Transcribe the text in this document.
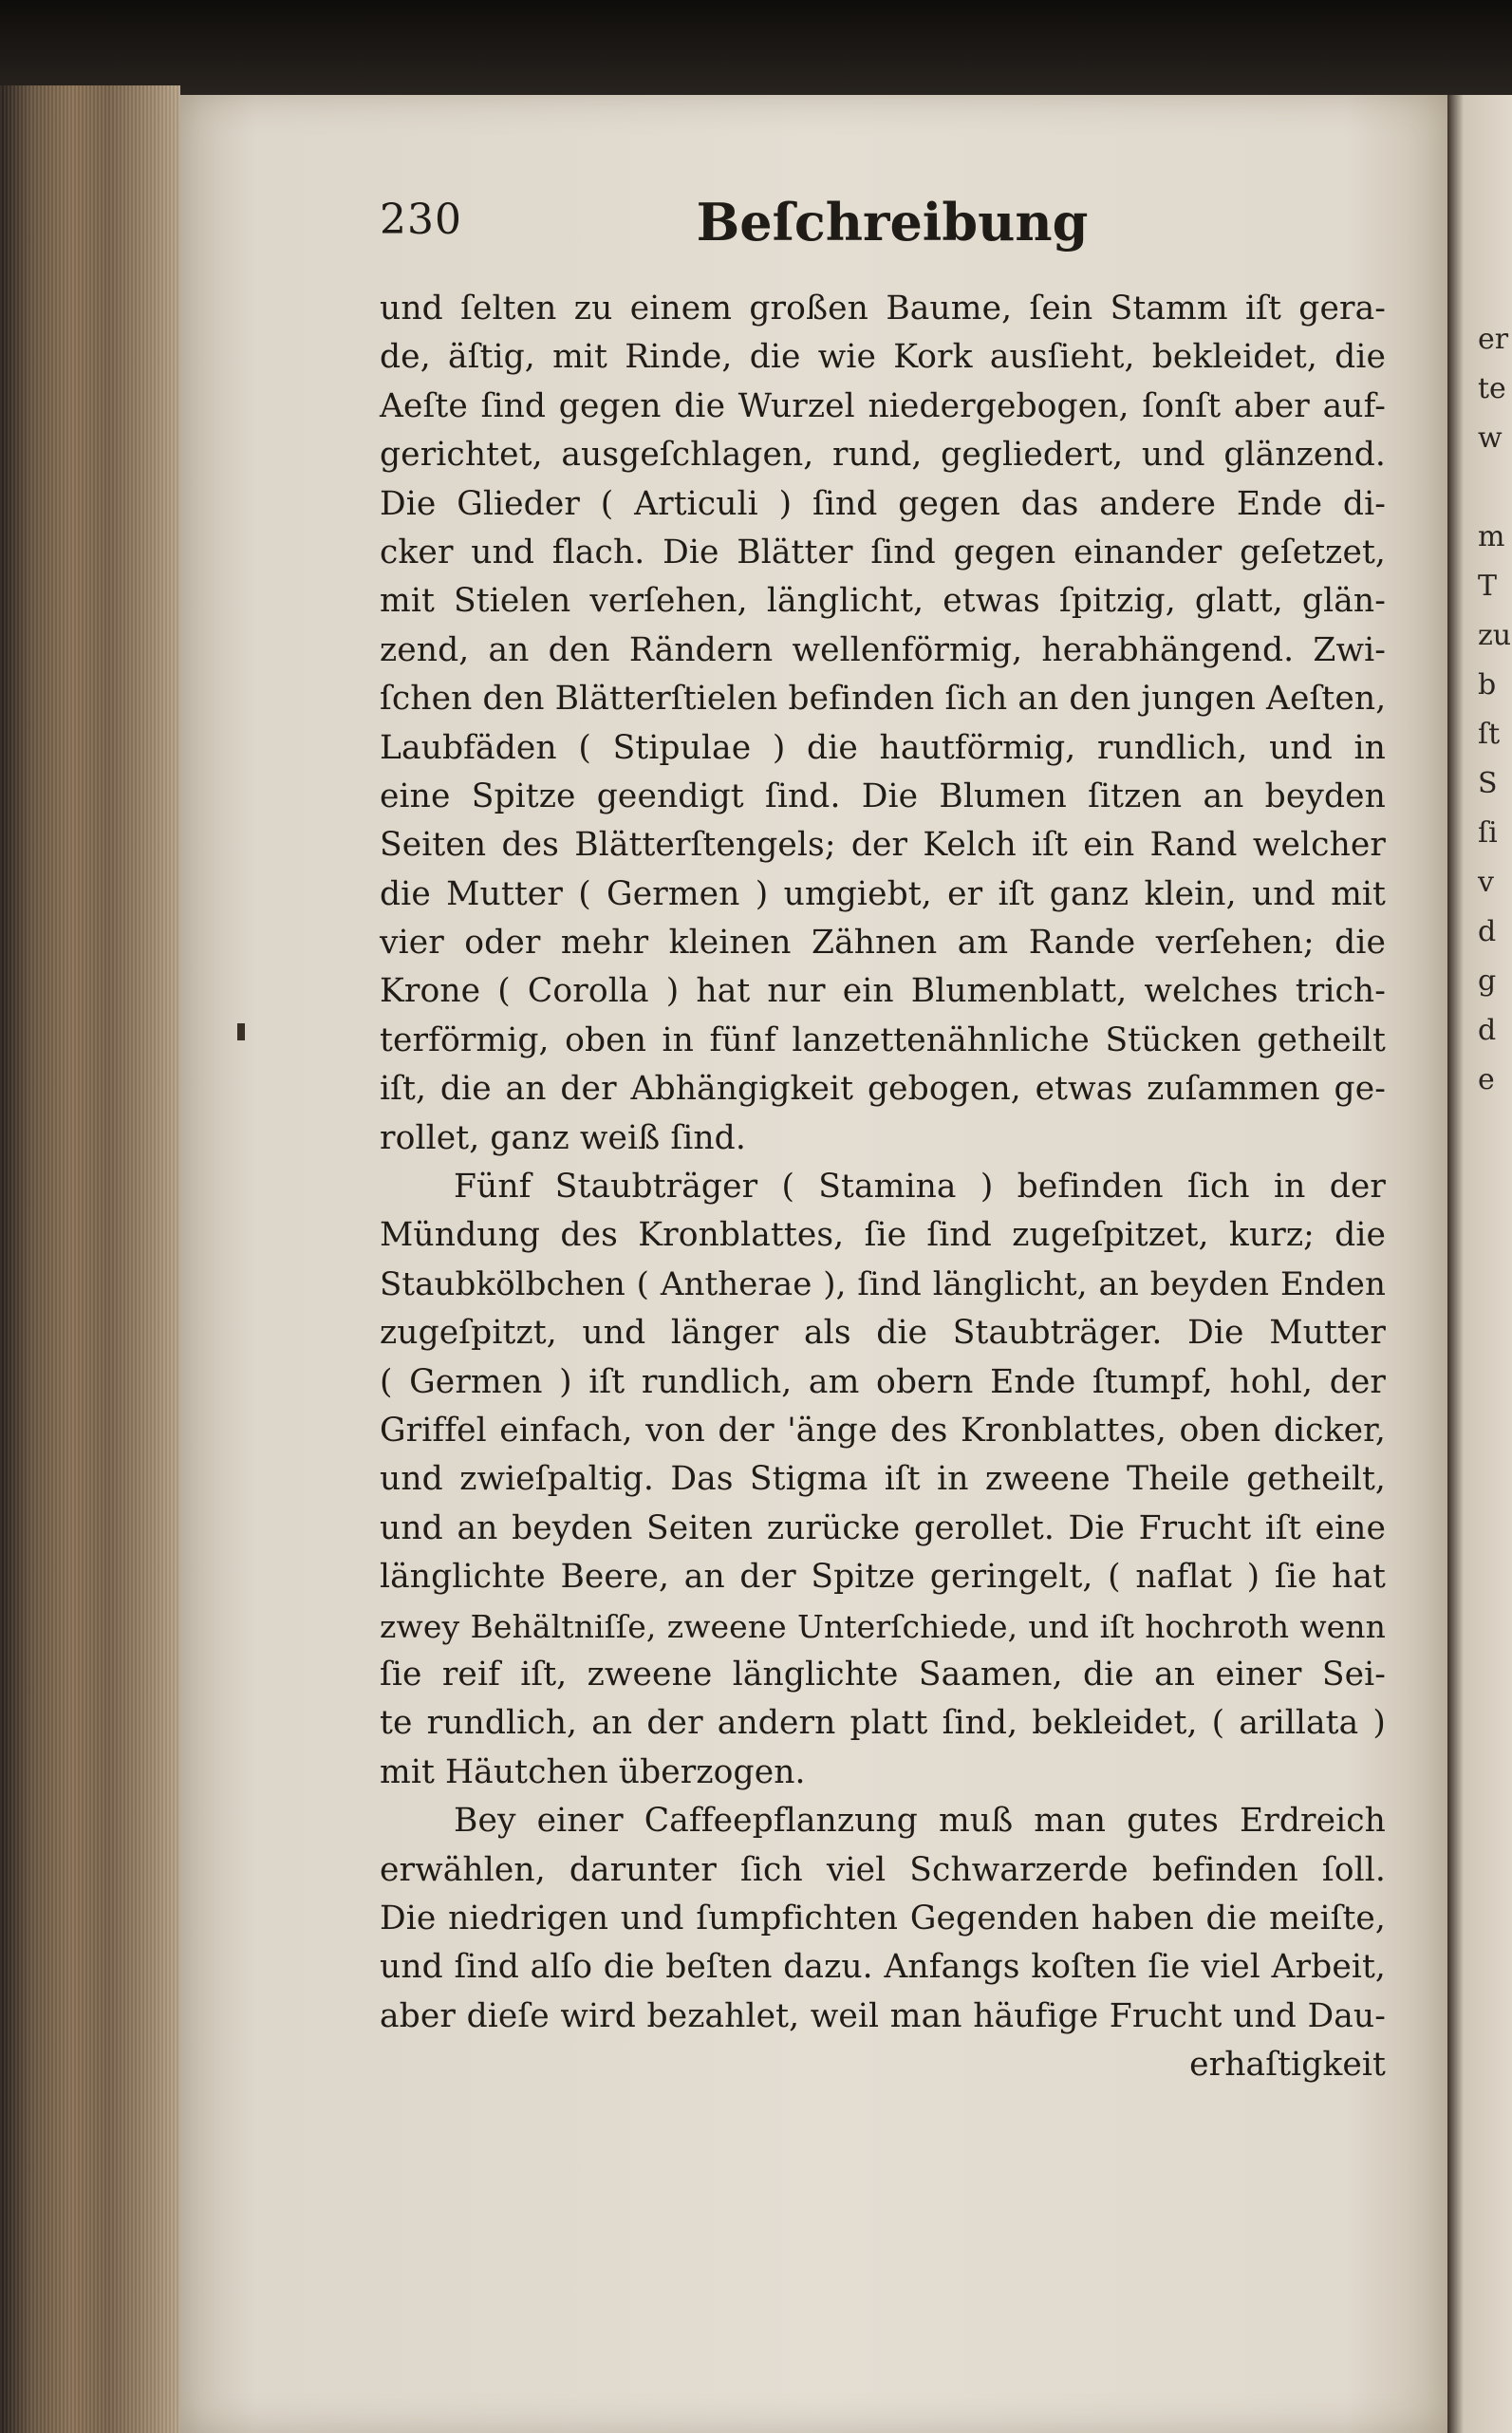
er
te
w
m
T
zu
b
ſt
S
ſi
v
d
g
d
e
230	Beſchreibung
und ſelten zu einem großen Baume, ſein Stamm iſt gera-
de, äſtig, mit Rinde, die wie Kork ausſieht, bekleidet, die
Aeſte ſind gegen die Wurzel niedergebogen, ſonſt aber auf-
gerichtet, ausgeſchlagen, rund, gegliedert, und glänzend.
Die Glieder ( Articuli ) ſind gegen das andere Ende di-
cker und flach. Die Blätter ſind gegen einander geſetzet,
mit Stielen verſehen, länglicht, etwas ſpitzig, glatt, glän-
zend, an den Rändern wellenförmig, herabhängend. Zwi-
ſchen den Blätterſtielen befinden ſich an den jungen Aeſten,
Laubfäden ( Stipulae ) die hautförmig, rundlich, und in
eine Spitze geendigt ſind. Die Blumen ſitzen an beyden
Seiten des Blätterſtengels; der Kelch iſt ein Rand welcher
die Mutter ( Germen ) umgiebt, er iſt ganz klein, und mit
vier oder mehr kleinen Zähnen am Rande verſehen; die
Krone ( Corolla ) hat nur ein Blumenblatt, welches trich-
terförmig, oben in fünf lanzettenähnliche Stücken getheilt
iſt, die an der Abhängigkeit gebogen, etwas zuſammen ge-
rollet, ganz weiß ſind.
Fünf Staubträger ( Stamina ) befinden ſich in der
Mündung des Kronblattes, ſie ſind zugeſpitzet, kurz; die
Staubkölbchen ( Antherae ), ſind länglicht, an beyden Enden
zugeſpitzt, und länger als die Staubträger. Die Mutter
( Germen ) iſt rundlich, am obern Ende ſtumpf, hohl, der
Griffel einfach, von der 'änge des Kronblattes, oben dicker,
und zwieſpaltig. Das Stigma iſt in zweene Theile getheilt,
und an beyden Seiten zurücke gerollet. Die Frucht iſt eine
länglichte Beere, an der Spitze geringelt, ( naflat ) ſie hat
zwey Behältniſſe, zweene Unterſchiede, und iſt hochroth wenn
ſie reif iſt, zweene länglichte Saamen, die an einer Sei-
te rundlich, an der andern platt ſind, bekleidet, ( arillata )
mit Häutchen überzogen.
Bey einer Caffeepflanzung muß man gutes Erdreich
erwählen, darunter ſich viel Schwarzerde befinden ſoll.
Die niedrigen und ſumpfichten Gegenden haben die meiſte,
und ſind alſo die beſten dazu. Anfangs koſten ſie viel Arbeit,
aber dieſe wird bezahlet, weil man häufige Frucht und Dau-
erhaſtigkeit
